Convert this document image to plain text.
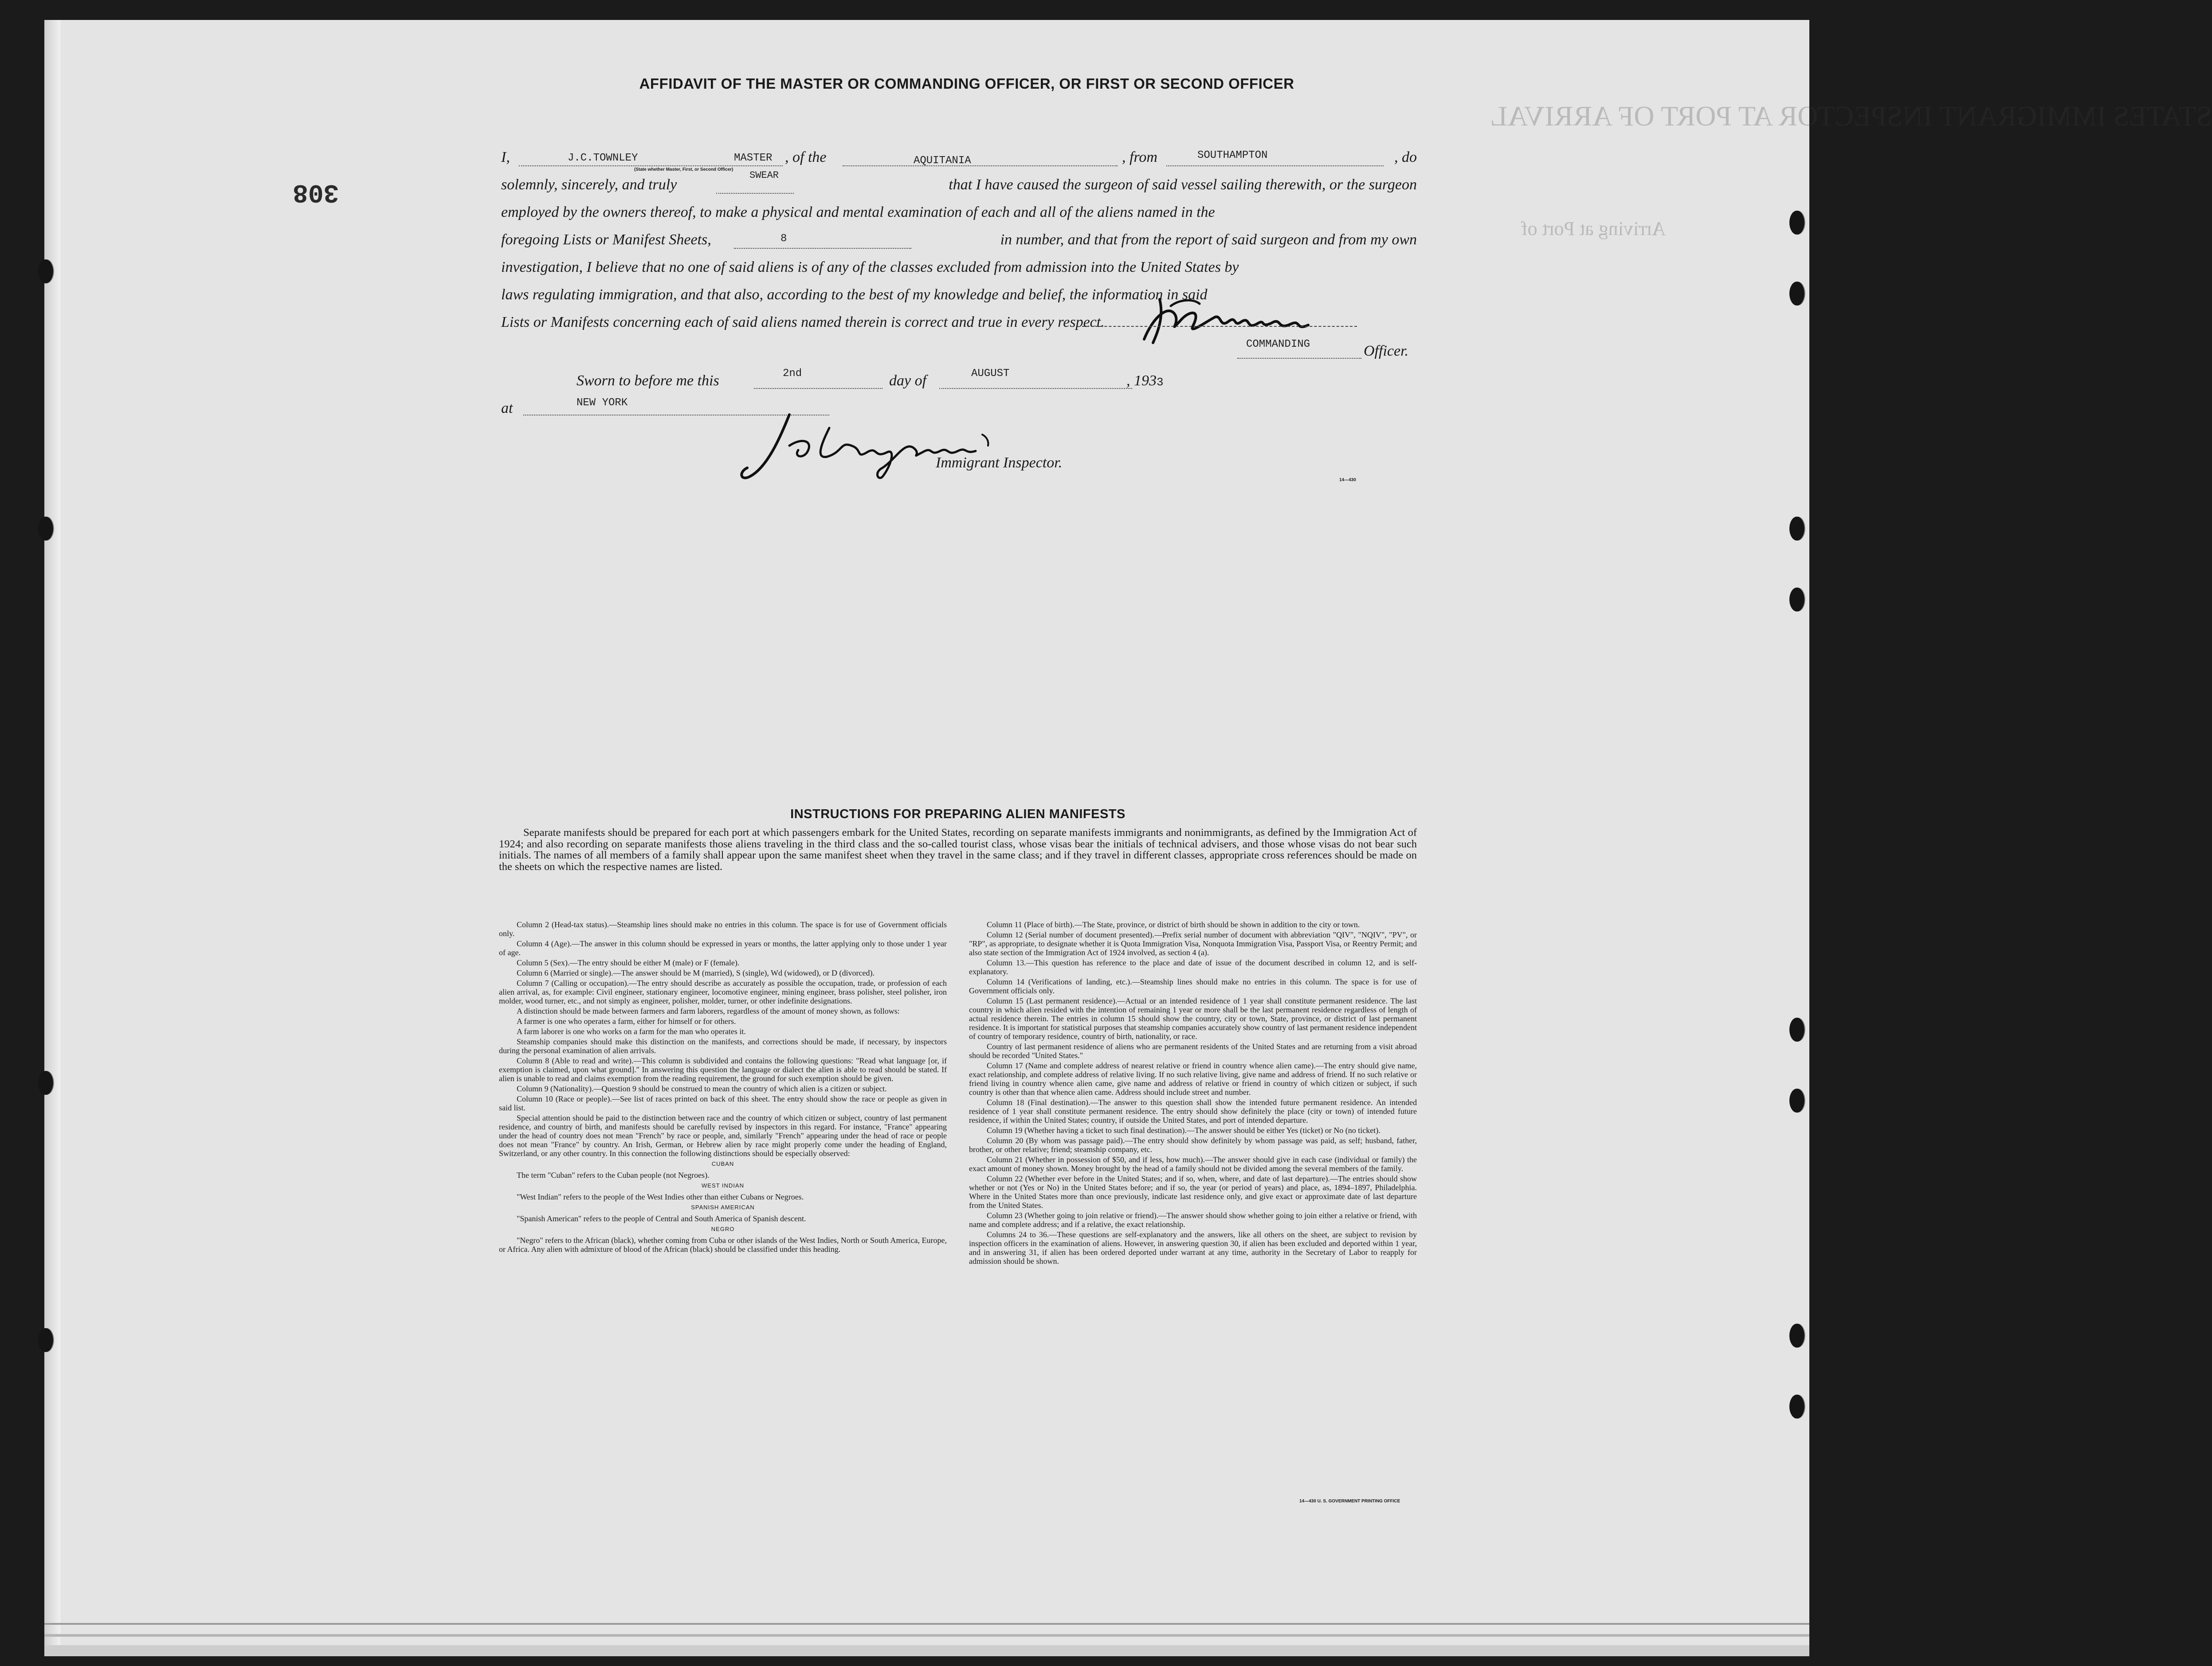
STATES IMMIGRANT INSPECTOR AT PORT OF ARRIVAL
Arriving at Port of
308
AFFIDAVIT OF THE MASTER OR COMMANDING OFFICER, OR FIRST OR SECOND OFFICER
I,	, of the	, from	, do
J.C.TOWNLEY	MASTER
(State whether Master, First, or Second Officer)
AQUITANIA	SOUTHAMPTON
solemnly, sincerely, and truly	that I have caused the surgeon of said vessel sailing therewith, or the surgeon
SWEAR
employed by the owners thereof, to make a physical and mental examination of each and all of the aliens named in the
foregoing Lists or Manifest Sheets,	in number, and that from the report of said surgeon and from my own
8
investigation, I believe that no one of said aliens is of any of the classes excluded from admission into the United States by
laws regulating immigration, and that also, according to the best of my knowledge and belief, the information in said
Lists or Manifests concerning each of said aliens named therein is correct and true in every respect.
COMMANDING	Officer.
Sworn to before me this	2nd	day of	AUGUST	, 1933
at	NEW YORK
Immigrant Inspector.
14—430
INSTRUCTIONS FOR PREPARING ALIEN MANIFESTS
Separate manifests should be prepared for each port at which passengers embark for the United States, recording on separate manifests immigrants and nonimmigrants, as defined by the Immigration Act of 1924; and also recording on separate manifests those aliens traveling in the third class and the so-called tourist class, whose visas bear the initials of technical advisers, and those whose visas do not bear such initials. The names of all members of a family shall appear upon the same manifest sheet when they travel in the same class; and if they travel in different classes, appropriate cross references should be made on the sheets on which the respective names are listed.

Column 2 (Head-tax status).—Steamship lines should make no entries in this column. The space is for use of Government officials only.

Column 4 (Age).—The answer in this column should be expressed in years or months, the latter applying only to those under 1 year of age.

Column 5 (Sex).—The entry should be either M (male) or F (female).

Column 6 (Married or single).—The answer should be M (married), S (single), Wd (widowed), or D (divorced).

Column 7 (Calling or occupation).—The entry should describe as accurately as possible the occupation, trade, or profession of each alien arrival, as, for example: Civil engineer, stationary engineer, locomotive engineer, mining engineer, brass polisher, steel polisher, iron molder, wood turner, etc., and not simply as engineer, polisher, molder, turner, or other indefinite designations.

A distinction should be made between farmers and farm laborers, regardless of the amount of money shown, as follows:

A farmer is one who operates a farm, either for himself or for others.

A farm laborer is one who works on a farm for the man who operates it.

Steamship companies should make this distinction on the manifests, and corrections should be made, if necessary, by inspectors during the personal examination of alien arrivals.

Column 8 (Able to read and write).—This column is subdivided and contains the following questions: "Read what language [or, if exemption is claimed, upon what ground]." In answering this question the language or dialect the alien is able to read should be stated. If alien is unable to read and claims exemption from the reading requirement, the ground for such exemption should be given.

Column 9 (Nationality).—Question 9 should be construed to mean the country of which alien is a citizen or subject.

Column 10 (Race or people).—See list of races printed on back of this sheet. The entry should show the race or people as given in said list.

Special attention should be paid to the distinction between race and the country of which citizen or subject, country of last permanent residence, and country of birth, and manifests should be carefully revised by inspectors in this regard. For instance, "France" appearing under the head of country does not mean "French" by race or people, and, similarly "French" appearing under the head of race or people does not mean "France" by country. An Irish, German, or Hebrew alien by race might properly come under the heading of England, Switzerland, or any other country. In this connection the following distinctions should be especially observed:

CUBAN

The term "Cuban" refers to the Cuban people (not Negroes).

WEST INDIAN

"West Indian" refers to the people of the West Indies other than either Cubans or Negroes.

SPANISH AMERICAN

"Spanish American" refers to the people of Central and South America of Spanish descent.

NEGRO

"Negro" refers to the African (black), whether coming from Cuba or other islands of the West Indies, North or South America, Europe, or Africa. Any alien with admixture of blood of the African (black) should be classified under this heading.

Column 11 (Place of birth).—The State, province, or district of birth should be shown in addition to the city or town.

Column 12 (Serial number of document presented).—Prefix serial number of document with abbreviation "QIV", "NQIV", "PV", or "RP", as appropriate, to designate whether it is Quota Immigration Visa, Nonquota Immigration Visa, Passport Visa, or Reentry Permit; and also state section of the Immigration Act of 1924 involved, as section 4 (a).

Column 13.—This question has reference to the place and date of issue of the document described in column 12, and is self-explanatory.

Column 14 (Verifications of landing, etc.).—Steamship lines should make no entries in this column. The space is for use of Government officials only.

Column 15 (Last permanent residence).—Actual or an intended residence of 1 year shall constitute permanent residence. The last country in which alien resided with the intention of remaining 1 year or more shall be the last permanent residence regardless of length of actual residence therein. The entries in column 15 should show the country, city or town, State, province, or district of last permanent residence. It is important for statistical purposes that steamship companies accurately show country of last permanent residence independent of country of temporary residence, country of birth, nationality, or race.

Country of last permanent residence of aliens who are permanent residents of the United States and are returning from a visit abroad should be recorded "United States."

Column 17 (Name and complete address of nearest relative or friend in country whence alien came).—The entry should give name, exact relationship, and complete address of relative living. If no such relative living, give name and address of friend. If no such relative or friend living in country whence alien came, give name and address of relative or friend in country of which citizen or subject, if such country is other than that whence alien came. Address should include street and number.

Column 18 (Final destination).—The answer to this question shall show the intended future permanent residence. An intended residence of 1 year shall constitute permanent residence. The entry should show definitely the place (city or town) of intended future residence, if within the United States; country, if outside the United States, and port of intended departure.

Column 19 (Whether having a ticket to such final destination).—The answer should be either Yes (ticket) or No (no ticket).

Column 20 (By whom was passage paid).—The entry should show definitely by whom passage was paid, as self; husband, father, brother, or other relative; friend; steamship company, etc.

Column 21 (Whether in possession of $50, and if less, how much).—The answer should give in each case (individual or family) the exact amount of money shown. Money brought by the head of a family should not be divided among the several members of the family.

Column 22 (Whether ever before in the United States; and if so, when, where, and date of last departure).—The entries should show whether or not (Yes or No) in the United States before; and if so, the year (or period of years) and place, as, 1894–1897, Philadelphia. Where in the United States more than once previously, indicate last residence only, and give exact or approximate date of last departure from the United States.

Column 23 (Whether going to join relative or friend).—The answer should show whether going to join either a relative or friend, with name and complete address; and if a relative, the exact relationship.

Columns 24 to 36.—These questions are self-explanatory and the answers, like all others on the sheet, are subject to revision by inspection officers in the examination of aliens. However, in answering question 30, if alien has been excluded and deported within 1 year, and in answering 31, if alien has been ordered deported under warrant at any time, authority in the Secretary of Labor to reapply for admission should be shown.

14—430 U. S. GOVERNMENT PRINTING OFFICE
